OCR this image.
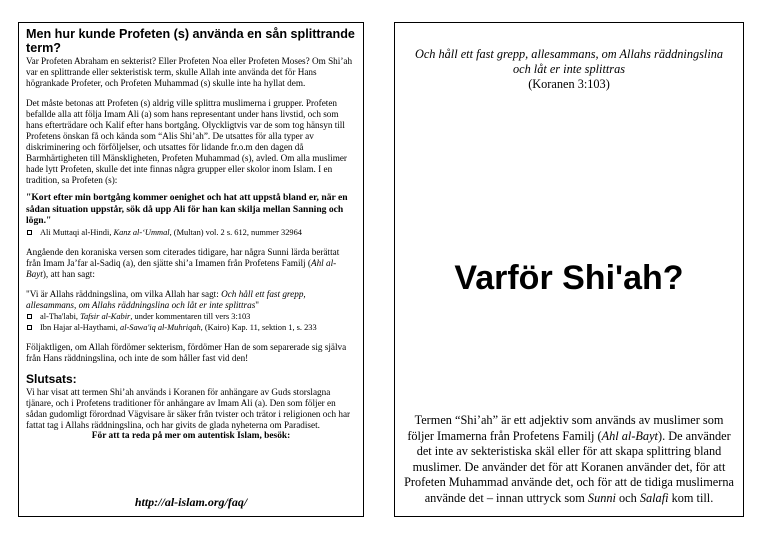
Men hur kunde Profeten (s) använda en sån splittrande term?

Var Profeten Abraham en sekterist? Eller Profeten Noa eller Profeten Moses? Om Shi’ah var en splittrande eller sekteristisk term, skulle Allah inte använda det för Hans högrankade Profeter, och Profeten Muhammad (s) skulle inte ha hyllat dem.

Det måste betonas att Profeten (s) aldrig ville splittra muslimerna i grupper. Profeten befallde alla att följa Imam Ali (a) som hans representant under hans livstid, och som hans efterträdare och Kalif efter hans bortgång. Olyckligtvis var de som tog hänsyn till Profetens önskan få och kända som “Alis Shi’ah”. De utsattes för alla typer av diskriminering och förföljelser, och utsattes för lidande fr.o.m den dagen då Barmhärtigheten till Mänskligheten, Profeten Muhammad (s), avled. Om alla muslimer hade lytt Profeten, skulle det inte finnas några grupper eller skolor inom Islam. I en tradition, sa Profeten (s):

"Kort efter min bortgång kommer oenighet och hat att uppstå bland er, när en sådan situation uppstår, sök då upp Ali för han kan skilja mellan Sanning och lögn."

Ali Muttaqi al-Hindi, Kanz al-‘Ummal, (Multan) vol. 2 s. 612, nummer 32964

Angående den koraniska versen som citerades tidigare, har några Sunni lärda berättat från Imam Ja’far al-Sadiq (a), den sjätte shi’a Imamen från Profetens Familj (Ahl al-Bayt), att han sagt:

"Vi är Allahs räddningslina, om vilka Allah har sagt: Och håll ett fast grepp, allesammans, om Allahs räddningslina och låt er inte splittras"

al-Tha'labi, Tafsir al-Kabir, under kommentaren till vers 3:103
Ibn Hajar al-Haythami, al-Sawa'iq al-Muhriqah, (Kairo) Kap. 11, sektion 1, s. 233

Följaktligen, om Allah fördömer sekterism, fördömer Han de som separerade sig själva från Hans räddningslina, och inte de som håller fast vid den!

Slutsats:

Vi har visat att termen Shi’ah används i Koranen för anhängare av Guds storslagna tjänare, och i Profetens traditioner för anhängare av Imam Ali (a). Den som följer en sådan gudomligt förordnad Vägvisare är säker från tvister och trätor i religionen och har fattat tag i Allahs räddningslina, och har givits de glada nyheterna om Paradiset.

För att ta reda på mer om autentisk Islam, besök:

http://al-islam.org/faq/
Och håll ett fast grepp, allesammans, om Allahs räddningslina och låt er inte splittras
(Koranen 3:103)
Varför Shi'ah?
Termen “Shi’ah” är ett adjektiv som används av muslimer som följer Imamerna från Profetens Familj (Ahl al-Bayt). De använder det inte av sekteristiska skäl eller för att skapa splittring bland muslimer. De använder det för att Koranen använder det, för att Profeten Muhammad använde det, och för att de tidiga muslimerna använde det – innan uttryck som Sunni och Salafi kom till.
